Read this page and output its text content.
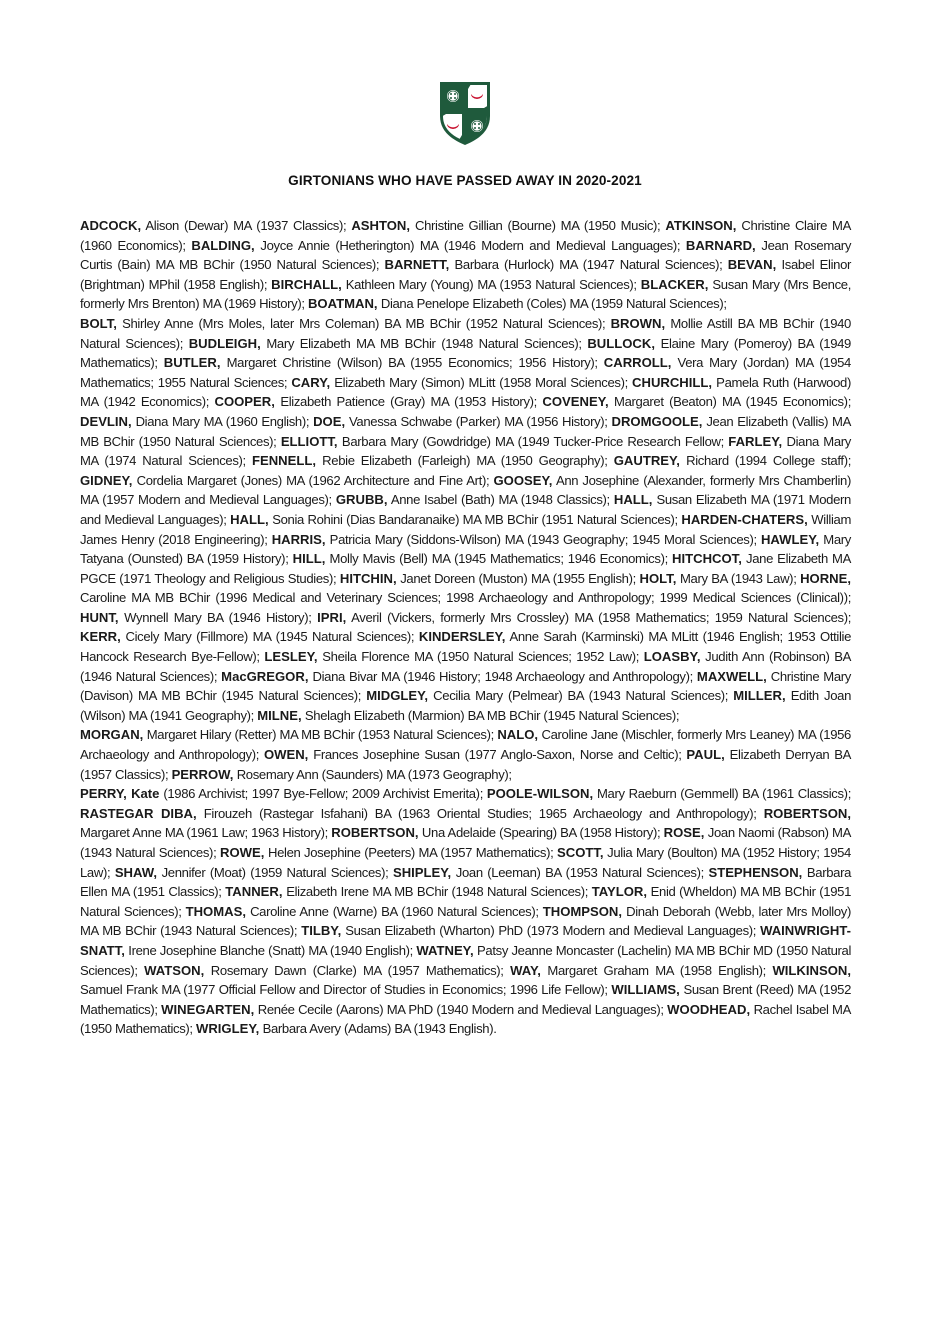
GIRTONIANS WHO HAVE PASSED AWAY IN 2020-2021

ADCOCK, Alison (Dewar) MA (1937 Classics); ASHTON, Christine Gillian (Bourne) MA (1950 Music); ATKINSON, Christine Claire MA (1960 Economics); BALDING, Joyce Annie (Hetherington) MA (1946 Modern and Medieval Languages); BARNARD, Jean Rosemary Curtis (Bain) MA MB BChir (1950 Natural Sciences); BARNETT, Barbara (Hurlock) MA (1947 Natural Sciences); BEVAN, Isabel Elinor (Brightman) MPhil (1958 English); BIRCHALL, Kathleen Mary (Young) MA (1953 Natural Sciences); BLACKER, Susan Mary (Mrs Bence, formerly Mrs Brenton) MA (1969 History); BOATMAN, Diana Penelope Elizabeth (Coles) MA (1959 Natural Sciences);

BOLT, Shirley Anne (Mrs Moles, later Mrs Coleman) BA MB BChir (1952 Natural Sciences); BROWN, Mollie Astill BA MB BChir (1940 Natural Sciences); BUDLEIGH, Mary Elizabeth MA MB BChir (1948 Natural Sciences); BULLOCK, Elaine Mary (Pomeroy) BA (1949 Mathematics); BUTLER, Margaret Christine (Wilson) BA (1955 Economics; 1956 History); CARROLL, Vera Mary (Jordan) MA (1954 Mathematics; 1955 Natural Sciences; CARY, Elizabeth Mary (Simon) MLitt (1958 Moral Sciences); CHURCHILL, Pamela Ruth (Harwood) MA (1942 Economics); COOPER, Elizabeth Patience (Gray) MA (1953 History); COVENEY, Margaret (Beaton) MA (1945 Economics); DEVLIN, Diana Mary MA (1960 English); DOE, Vanessa Schwabe (Parker) MA (1956 History); DROMGOOLE, Jean Elizabeth (Vallis) MA MB BChir (1950 Natural Sciences); ELLIOTT, Barbara Mary (Gowdridge) MA (1949 Tucker-Price Research Fellow; FARLEY, Diana Mary MA (1974 Natural Sciences); FENNELL, Rebie Elizabeth (Farleigh) MA (1950 Geography); GAUTREY, Richard (1994 College staff); GIDNEY, Cordelia Margaret (Jones) MA (1962 Architecture and Fine Art); GOOSEY, Ann Josephine (Alexander, formerly Mrs Chamberlin) MA (1957 Modern and Medieval Languages); GRUBB, Anne Isabel (Bath) MA (1948 Classics); HALL, Susan Elizabeth MA (1971 Modern and Medieval Languages); HALL, Sonia Rohini (Dias Bandaranaike) MA MB BChir (1951 Natural Sciences); HARDEN-CHATERS, William James Henry (2018 Engineering); HARRIS, Patricia Mary (Siddons-Wilson) MA (1943 Geography; 1945 Moral Sciences); HAWLEY, Mary Tatyana (Ounsted) BA (1959 History); HILL, Molly Mavis (Bell) MA (1945 Mathematics; 1946 Economics); HITCHCOT, Jane Elizabeth MA PGCE (1971 Theology and Religious Studies); HITCHIN, Janet Doreen (Muston) MA (1955 English); HOLT, Mary BA (1943 Law); HORNE, Caroline MA MB BChir (1996 Medical and Veterinary Sciences; 1998 Archaeology and Anthropology; 1999 Medical Sciences (Clinical)); HUNT, Wynnell Mary BA (1946 History); IPRI, Averil (Vickers, formerly Mrs Crossley) MA (1958 Mathematics; 1959 Natural Sciences); KERR, Cicely Mary (Fillmore) MA (1945 Natural Sciences); KINDERSLEY, Anne Sarah (Karminski) MA MLitt (1946 English; 1953 Ottilie Hancock Research Bye-Fellow); LESLEY, Sheila Florence MA (1950 Natural Sciences; 1952 Law); LOASBY, Judith Ann (Robinson) BA (1946 Natural Sciences); MacGREGOR, Diana Bivar MA (1946 History; 1948 Archaeology and Anthropology); MAXWELL, Christine Mary (Davison) MA MB BChir (1945 Natural Sciences); MIDGLEY, Cecilia Mary (Pelmear) BA (1943 Natural Sciences); MILLER, Edith Joan (Wilson) MA (1941 Geography); MILNE, Shelagh Elizabeth (Marmion) BA MB BChir (1945 Natural Sciences);

MORGAN, Margaret Hilary (Retter) MA MB BChir (1953 Natural Sciences); NALO, Caroline Jane (Mischler, formerly Mrs Leaney) MA (1956 Archaeology and Anthropology); OWEN, Frances Josephine Susan (1977 Anglo-Saxon, Norse and Celtic); PAUL, Elizabeth Derryan BA (1957 Classics); PERROW, Rosemary Ann (Saunders) MA (1973 Geography);

PERRY, Kate (1986 Archivist; 1997 Bye-Fellow; 2009 Archivist Emerita); POOLE-WILSON, Mary Raeburn (Gemmell) BA (1961 Classics); RASTEGAR DIBA, Firouzeh (Rastegar Isfahani) BA (1963 Oriental Studies; 1965 Archaeology and Anthropology); ROBERTSON, Margaret Anne MA (1961 Law; 1963 History); ROBERTSON, Una Adelaide (Spearing) BA (1958 History); ROSE, Joan Naomi (Rabson) MA (1943 Natural Sciences); ROWE, Helen Josephine (Peeters) MA (1957 Mathematics); SCOTT, Julia Mary (Boulton) MA (1952 History; 1954 Law); SHAW, Jennifer (Moat) (1959 Natural Sciences); SHIPLEY, Joan (Leeman) BA (1953 Natural Sciences); STEPHENSON, Barbara Ellen MA (1951 Classics); TANNER, Elizabeth Irene MA MB BChir (1948 Natural Sciences); TAYLOR, Enid (Wheldon) MA MB BChir (1951 Natural Sciences); THOMAS, Caroline Anne (Warne) BA (1960 Natural Sciences); THOMPSON, Dinah Deborah (Webb, later Mrs Molloy) MA MB BChir (1943 Natural Sciences); TILBY, Susan Elizabeth (Wharton) PhD (1973 Modern and Medieval Languages); WAINWRIGHT-SNATT, Irene Josephine Blanche (Snatt) MA (1940 English); WATNEY, Patsy Jeanne Moncaster (Lachelin) MA MB BChir MD (1950 Natural Sciences); WATSON, Rosemary Dawn (Clarke) MA (1957 Mathematics); WAY, Margaret Graham MA (1958 English); WILKINSON, Samuel Frank MA (1977 Official Fellow and Director of Studies in Economics; 1996 Life Fellow); WILLIAMS, Susan Brent (Reed) MA (1952 Mathematics); WINEGARTEN, Renée Cecile (Aarons) MA PhD (1940 Modern and Medieval Languages); WOODHEAD, Rachel Isabel MA (1950 Mathematics); WRIGLEY, Barbara Avery (Adams) BA (1943 English).
